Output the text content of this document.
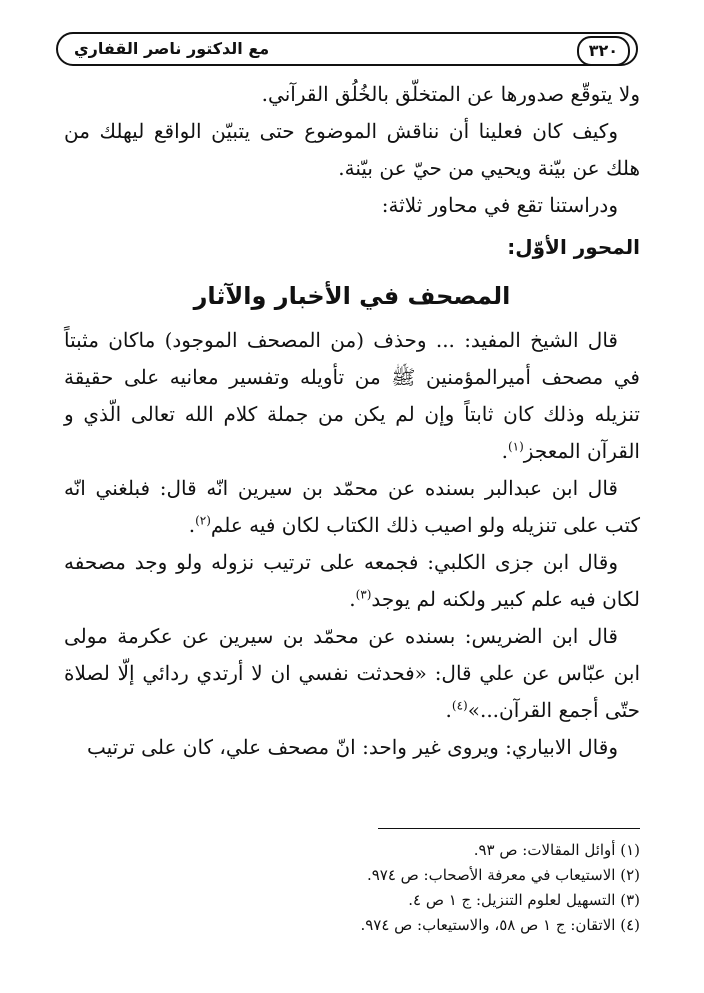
٣٢٠
مع الدكتور ناصر القفاري

ولا يتوقّع صدورها عن المتخلّق بالخُلُق القرآني.

وكيف كان فعلينا أن نناقش الموضوع حتى يتبيّن الواقع ليهلك من هلك عن بيّنة ويحيي من حيّ عن بيّنة.

ودراستنا تقع في محاور ثلاثة:

المحور الأوّل:
المصحف في الأخبار والآثار

قال الشيخ المفيد: ... وحذف (من المصحف الموجود) ماكان مثبتاً في مصحف أميرالمؤمنين ﷺ من تأويله وتفسير معانيه على حقيقة تنزيله وذلك كان ثابتاً وإن لم يكن من جملة كلام الله تعالى الّذي و القرآن المعجز$^{(١)}$.

قال ابن عبدالبر بسنده عن محمّد بن سيرين انّه قال: فبلغني انّه كتب على تنزيله ولو اصيب ذلك الكتاب لكان فيه علم$^{(٢)}$.

وقال ابن جزى الكلبي: فجمعه على ترتيب نزوله ولو وجد مصحفه لكان فيه علم كبير ولكنه لم يوجد$^{(٣)}$.

قال ابن الضريس: بسنده عن محمّد بن سيرين عن عكرمة مولى ابن عبّاس عن علي قال: «فحدثت نفسي ان لا أرتدي ردائي إلّا لصلاة حتّى أجمع القرآن...»$^{(٤)}$.

وقال الابياري: ويروى غير واحد: انّ مصحف علي، كان على ترتيب

(١) أوائل المقالات: ص ٩٣.

(٢) الاستيعاب في معرفة الأصحاب: ص ٩٧٤.

(٣) التسهيل لعلوم التنزيل: ج ١ ص ٤.

(٤) الاتقان: ج ١ ص ٥٨، والاستيعاب: ص ٩٧٤.
